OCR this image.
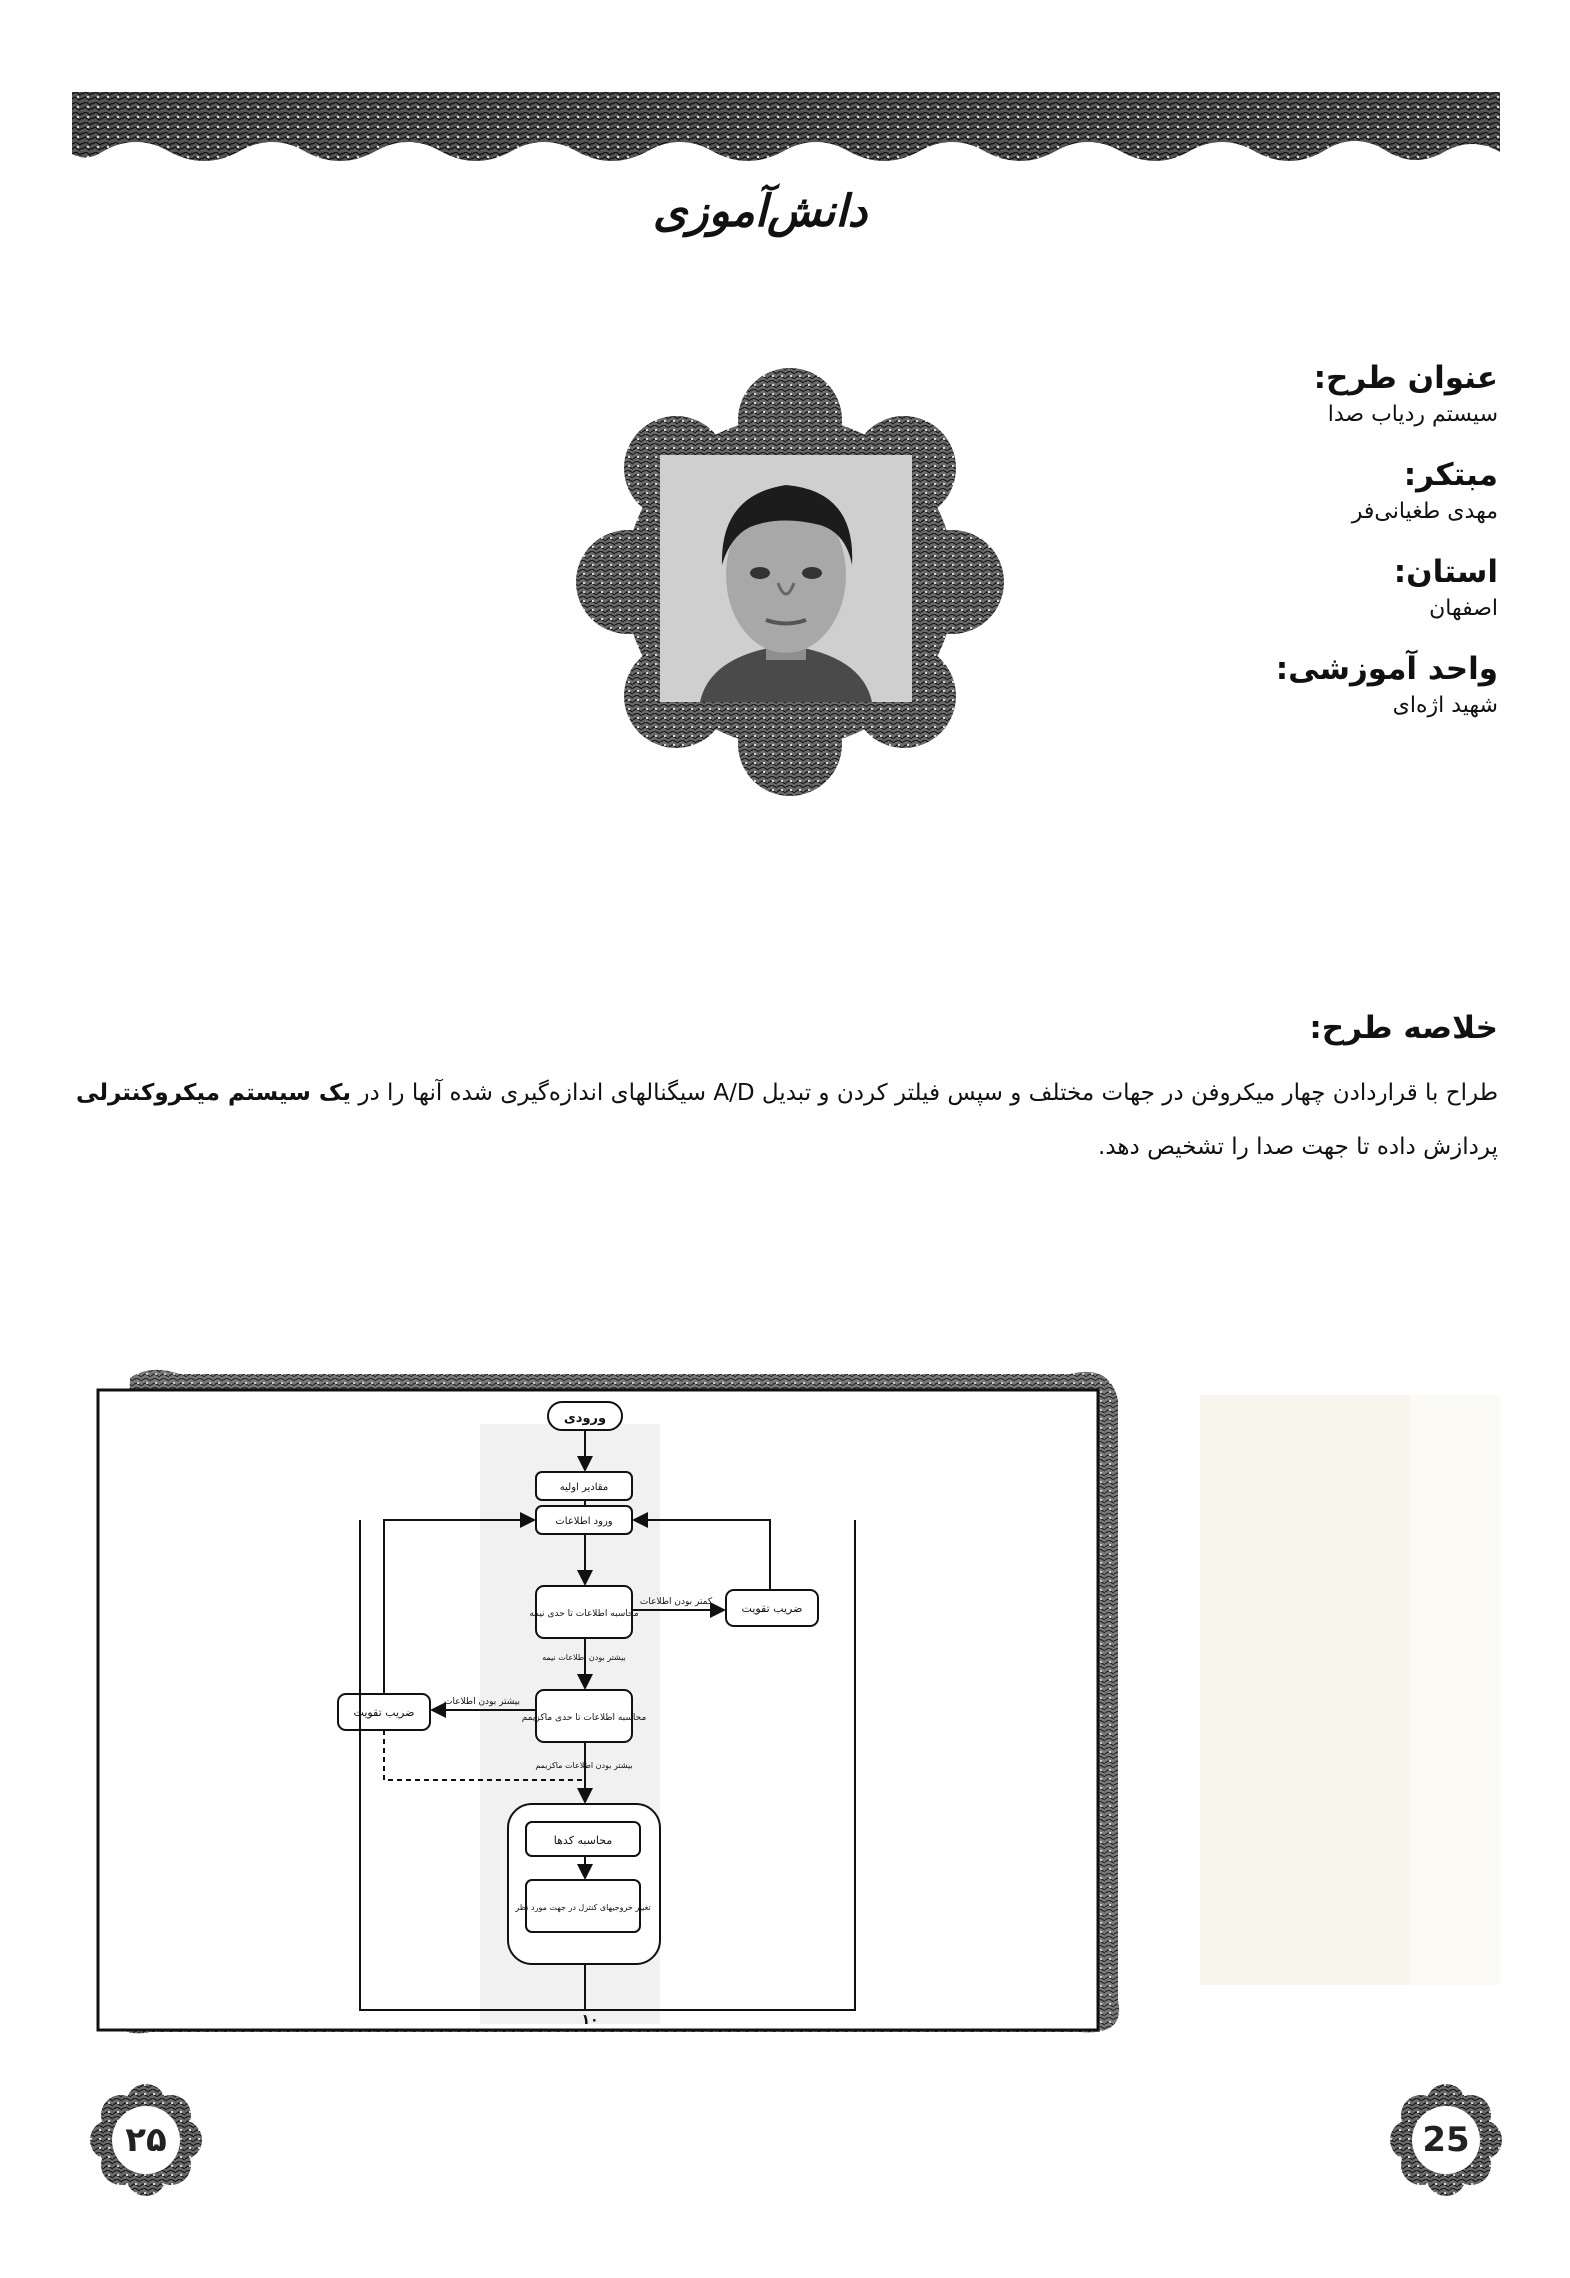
دانش‌آموزی

عنوان طرح:

سیستم ردیاب صدا

مبتکر:

مهدی طغیانی‌فر

استان:

اصفهان

واحد آموزشی:

شهید اژه‌ای

خلاصه طرح:

طراح با قراردادن چهار میکروفن در جهات مختلف و سپس فیلتر کردن و تبدیل A/D سیگنالهای اندازه‌گیری شده آنها را در یک سیستم میکروکنترلی
پردازش داده تا جهت صدا را تشخیص دهد.

ورودی
مقادیر اولیه
ورود اطلاعات
محاسبه اطلاعات تا حدی نیمه
بیشتر بودن اطلاعات نیمه
محاسبه اطلاعات تا حدی ماکزیمم
بیشتر بودن اطلاعات ماکزیمم
ضریب تقویت
ضریب تقویت
کمتر بودن اطلاعات
بیشتر بودن اطلاعات
محاسبه کدها
تغییر خروجیهای کنترل در جهت مورد نظر
۱۰
۲۵	25
